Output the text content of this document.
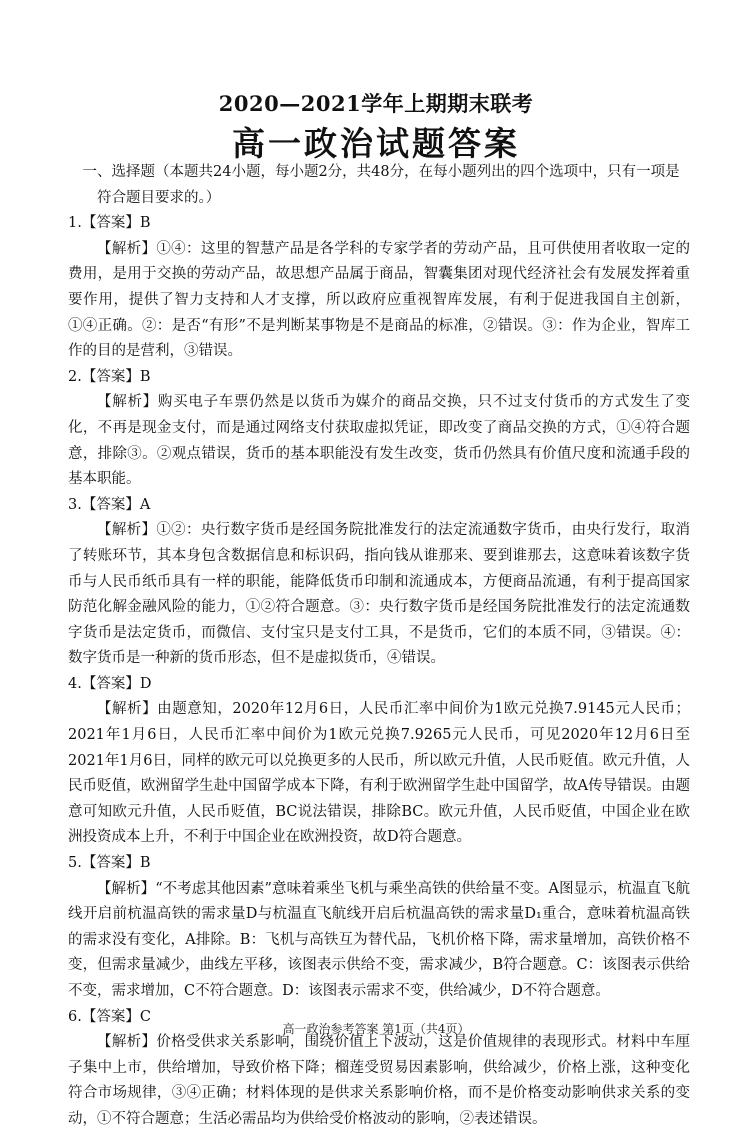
2020—2021学年上期期末联考
高一政治试题答案

一、选择题（本题共24小题，每小题2分，共48分，在每小题列出的四个选项中，只有一项是符合题目要求的。）

1.【答案】B

【解析】①④：这里的智慧产品是各学科的专家学者的劳动产品，且可供使用者收取一定的费用，是用于交换的劳动产品，故思想产品属于商品，智囊集团对现代经济社会有发展发挥着重要作用，提供了智力支持和人才支撑，所以政府应重视智库发展，有利于促进我国自主创新，①④正确。②：是否“有形”不是判断某事物是不是商品的标准，②错误。③：作为企业，智库工作的目的是营利，③错误。

2.【答案】B

【解析】购买电子车票仍然是以货币为媒介的商品交换，只不过支付货币的方式发生了变化，不再是现金支付，而是通过网络支付获取虚拟凭证，即改变了商品交换的方式，①④符合题意，排除③。②观点错误，货币的基本职能没有发生改变，货币仍然具有价值尺度和流通手段的基本职能。

3.【答案】A

【解析】①②：央行数字货币是经国务院批准发行的法定流通数字货币，由央行发行，取消了转账环节，其本身包含数据信息和标识码，指向钱从谁那来、要到谁那去，这意味着该数字货币与人民币纸币具有一样的职能，能降低货币印制和流通成本，方便商品流通，有利于提高国家防范化解金融风险的能力，①②符合题意。③：央行数字货币是经国务院批准发行的法定流通数字货币是法定货币，而微信、支付宝只是支付工具，不是货币，它们的本质不同，③错误。④：数字货币是一种新的货币形态，但不是虚拟货币，④错误。

4.【答案】D

【解析】由题意知，2020年12月6日，人民币汇率中间价为1欧元兑换7.9145元人民币；2021年1月6日，人民币汇率中间价为1欧元兑换7.9265元人民币，可见2020年12月6日至2021年1月6日，同样的欧元可以兑换更多的人民币，所以欧元升值，人民币贬值。欧元升值，人民币贬值，欧洲留学生赴中国留学成本下降，有利于欧洲留学生赴中国留学，故A传导错误。由题意可知欧元升值，人民币贬值，BC说法错误，排除BC。欧元升值，人民币贬值，中国企业在欧洲投资成本上升，不利于中国企业在欧洲投资，故D符合题意。

5.【答案】B

【解析】“不考虑其他因素”意味着乘坐飞机与乘坐高铁的供给量不变。A图显示，杭温直飞航线开启前杭温高铁的需求量D与杭温直飞航线开启后杭温高铁的需求量D₁重合，意味着杭温高铁的需求没有变化，A排除。B：飞机与高铁互为替代品，飞机价格下降，需求量增加，高铁价格不变，但需求量减少，曲线左平移，该图表示供给不变，需求减少，B符合题意。C：该图表示供给不变，需求增加，C不符合题意。D：该图表示需求不变，供给减少，D不符合题意。

6.【答案】C

【解析】价格受供求关系影响，围绕价值上下波动，这是价值规律的表现形式。材料中车厘子集中上市，供给增加，导致价格下降；榴莲受贸易因素影响，供给减少，价格上涨，这种变化符合市场规律，③④正确；材料体现的是供求关系影响价格，而不是价格变动影响供求关系的变动，①不符合题意；生活必需品均为供给受价格波动的影响，②表述错误。

高一政治参考答案 第1页（共4页）
